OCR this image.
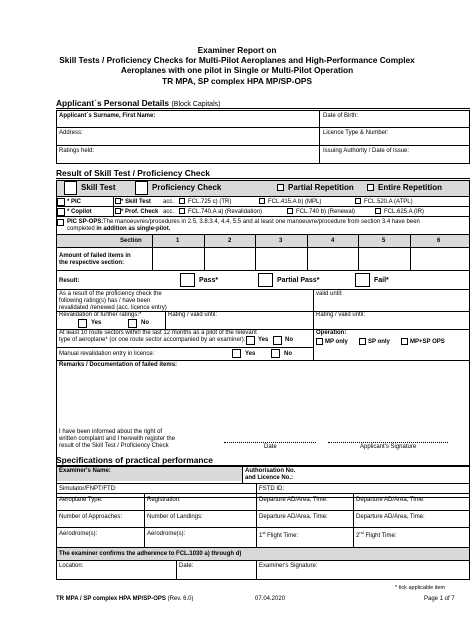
Examiner Report on
Skill Tests / Proficiency Checks for Multi-Pilot Aeroplanes and High-Performance Complex
Aeroplanes with one pilot in Single or Multi-Pilot Operation
TR MPA, SP complex HPA MP/SP-OPS
Applicant`s Personal Details (Block Capitals)
Applicant`s Surname, First Name:	Date of Birth:
Address:	Licence Type & Number:
Ratings held:	Issuing Authority / Date of Issue:
Result of Skill Test / Proficiency Check
Skill Test	Proficiency Check	Partial Repetition	Entire Repetition
* PIC	* Skill Test acc. FCL.725 c) (TR)	FCL.415.A b) (MPL)	FCL.520.A (ATPL)
* Copilot	* Prof. Check acc. FCL.740.A a) (Revalidation)	FCL.740 b) (Renewal)	FCL.625.A (IR)
PIC SP-OPS: The manoeuvres/procedures in 2.5, 3.8.3.4, 4.4, 5.5 and at least one manoeuvre/procedure from section 3.4 have been
completed in addition as single-pilot.
Section	1	2	3	4	5	6
Amount of failed items in
the respective section:
Result:	Pass*	Partial Pass*	Fail*
As a result of the proficiency check the
following rating(s) has / have been
revalidated /renewed (acc. licence entry)
valid until:
Revalidation of further ratings:*	Rating / valid until:	Rating / valid until:
Yes	No
At least 10 route sectors within the last 12 months as a pilot of the relevant
type of aeroplane* (or one route sector accompanied by an examiner): Yes	No
Operation:
MP only	SP only	MP+SP OPS
Manual revalidation entry in licence:	Yes	No
Remarks / Documentation of failed items:
I have been informed about the right of
written complaint and I herewith register the
result of the Skill Test / Proficiency Check	Date	Applicant's Signature
Specifications of practical performance
Examiner's Name:	Authorisation No.
and Licence No.:
Simulator/FNPT/FTD:	FSTD ID:
Aeroplane Type:	Registration:	Departure AD/Area, Time:	Departure AD/Area, Time:
Number of Approaches:	Number of Landings:	Departure AD/Area, Time:	Departure AD/Area, Time:
Aerodrome(s):	Aerodrome(s):	1st Flight Time:	2nd Flight Time:
The examiner confirms the adherence to FCL.1030 a) through d)
Location:	Date:	Examiner's Signature:
* tick applicable item
TR MPA / SP complex HPA MP/SP-OPS (Rev. 6.0)	07.04.2020	Page 1 of 7
